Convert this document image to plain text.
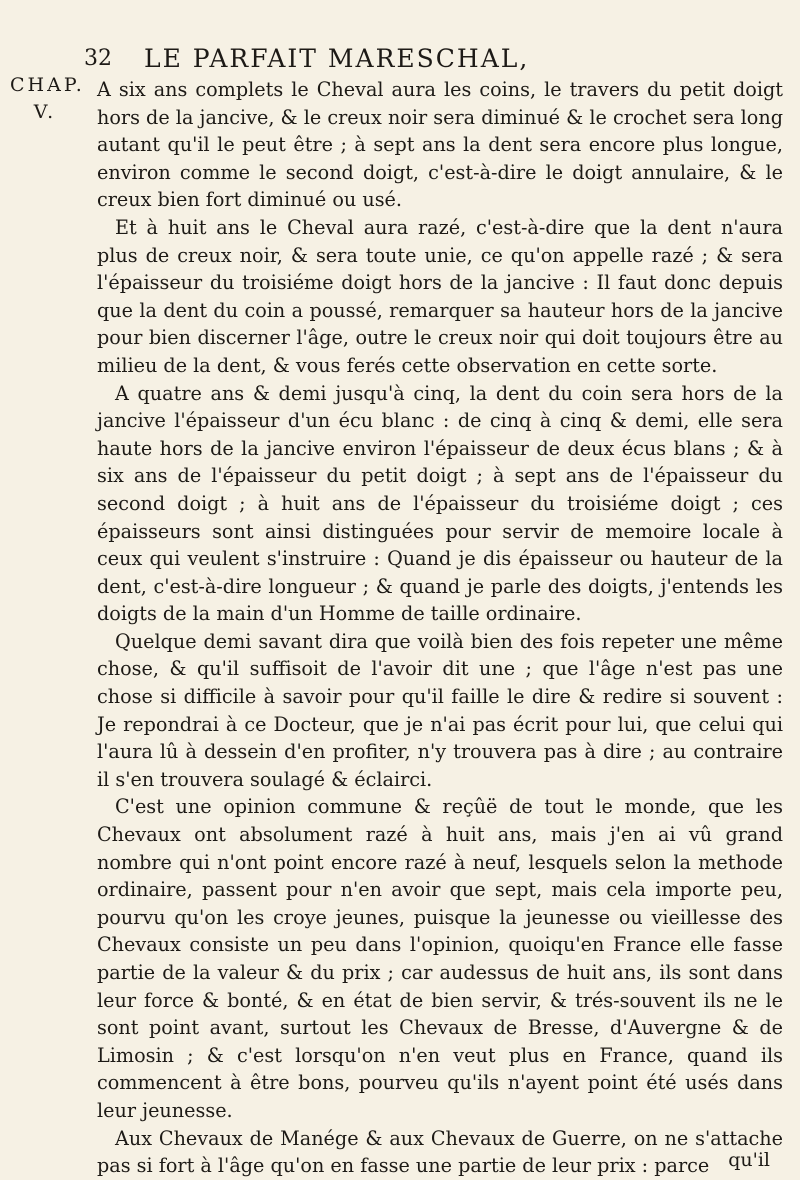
32 LE PARFAIT MARESCHAL,
CHAP.
V.

A six ans complets le Cheval aura les coins, le travers du petit doigt hors de la jancive, & le creux noir sera diminué & le crochet sera long autant qu'il le peut être ; à sept ans la dent sera encore plus longue, environ comme le second doigt, c'est-à-dire le doigt annulaire, & le creux bien fort diminué ou usé.

Et à huit ans le Cheval aura razé, c'est-à-dire que la dent n'aura plus de creux noir, & sera toute unie, ce qu'on appelle razé ; & sera l'épaisseur du troisiéme doigt hors de la jancive : Il faut donc depuis que la dent du coin a poussé, remarquer sa hauteur hors de la jancive pour bien discerner l'âge, outre le creux noir qui doit toujours être au milieu de la dent, & vous ferés cette observation en cette sorte.

A quatre ans & demi jusqu'à cinq, la dent du coin sera hors de la jancive l'épaisseur d'un écu blanc : de cinq à cinq & demi, elle sera haute hors de la jancive environ l'épaisseur de deux écus blans ; & à six ans de l'épaisseur du petit doigt ; à sept ans de l'épaisseur du second doigt ; à huit ans de l'épaisseur du troisiéme doigt ; ces épaisseurs sont ainsi distinguées pour servir de memoire locale à ceux qui veulent s'instruire : Quand je dis épaisseur ou hauteur de la dent, c'est-à-dire longueur ; & quand je parle des doigts, j'entends les doigts de la main d'un Homme de taille ordinaire.

Quelque demi savant dira que voilà bien des fois repeter une même chose, & qu'il suffisoit de l'avoir dit une ; que l'âge n'est pas une chose si difficile à savoir pour qu'il faille le dire & redire si souvent : Je repondrai à ce Docteur, que je n'ai pas écrit pour lui, que celui qui l'aura lû à dessein d'en profiter, n'y trouvera pas à dire ; au contraire il s'en trouvera soulagé & éclairci.

C'est une opinion commune & reçûë de tout le monde, que les Chevaux ont absolument razé à huit ans, mais j'en ai vû grand nombre qui n'ont point encore razé à neuf, lesquels selon la methode ordinaire, passent pour n'en avoir que sept, mais cela importe peu, pourvu qu'on les croye jeunes, puisque la jeunesse ou vieillesse des Chevaux consiste un peu dans l'opinion, quoiqu'en France elle fasse partie de la valeur & du prix ; car audessus de huit ans, ils sont dans leur force & bonté, & en état de bien servir, & trés-souvent ils ne le sont point avant, surtout les Chevaux de Bresse, d'Auvergne & de Limosin ; & c'est lorsqu'on n'en veut plus en France, quand ils commencent à être bons, pourveu qu'ils n'ayent point été usés dans leur jeunesse.

Aux Chevaux de Manége & aux Chevaux de Guerre, on ne s'attache pas si fort à l'âge qu'on en fasse une partie de leur prix : parce qu'il
